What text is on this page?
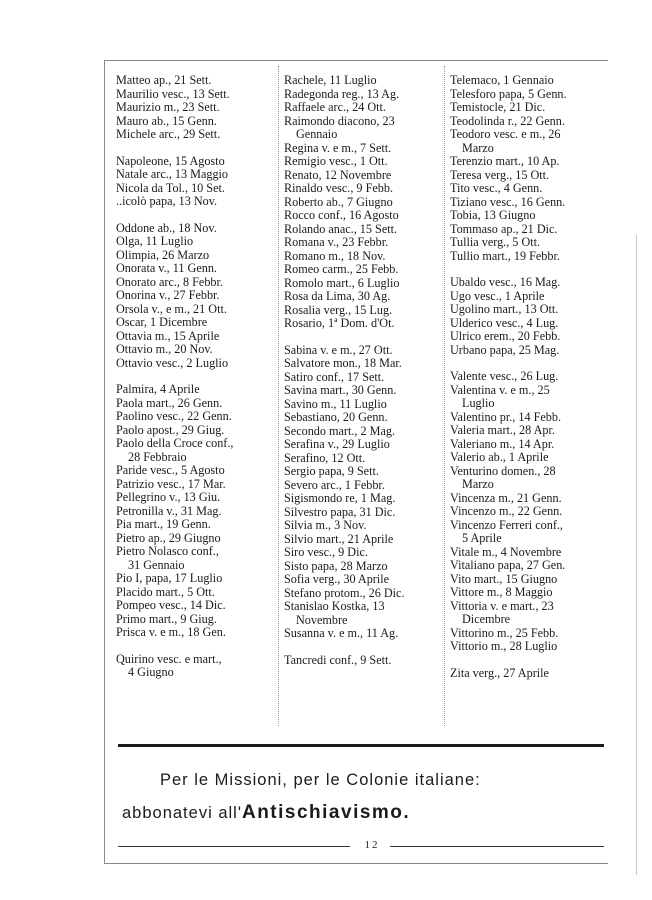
Matteo ap., 21 Sett.
Maurilio vesc., 13 Sett.
Maurizio m., 23 Sett.
Mauro ab., 15 Genn.
Michele arc., 29 Sett.
Napoleone, 15 Agosto
Natale arc., 13 Maggio
Nicola da Tol., 10 Set.
..icolò papa, 13 Nov.
Oddone ab., 18 Nov.
Olga, 11 Luglio
Olimpia, 26 Marzo
Onorata v., 11 Genn.
Onorato arc., 8 Febbr.
Onorina v., 27 Febbr.
Orsola v., e m., 21 Ott.
Oscar, 1 Dicembre
Ottavia m., 15 Aprile
Ottavio m., 20 Nov.
Ottavio vesc., 2 Luglio
Palmira, 4 Aprile
Paola mart., 26 Genn.
Paolino vesc., 22 Genn.
Paolo apost., 29 Giug.
Paolo della Croce conf.,
28 Febbraio
Paride vesc., 5 Agosto
Patrizio vesc., 17 Mar.
Pellegrino v., 13 Giu.
Petronilla v., 31 Mag.
Pia mart., 19 Genn.
Pietro ap., 29 Giugno
Pietro Nolasco conf.,
31 Gennaio
Pio I, papa, 17 Luglio
Placido mart., 5 Ott.
Pompeo vesc., 14 Dic.
Primo mart., 9 Giug.
Prisca v. e m., 18 Gen.
Quirino vesc. e mart.,
4 Giugno
Rachele, 11 Luglio
Radegonda reg., 13 Ag.
Raffaele arc., 24 Ott.
Raimondo diacono, 23
Gennaio
Regina v. e m., 7 Sett.
Remigio vesc., 1 Ott.
Renato, 12 Novembre
Rinaldo vesc., 9 Febb.
Roberto ab., 7 Giugno
Rocco conf., 16 Agosto
Rolando anac., 15 Sett.
Romana v., 23 Febbr.
Romano m., 18 Nov.
Romeo carm., 25 Febb.
Romolo mart., 6 Luglio
Rosa da Lima, 30 Ag.
Rosalia verg., 15 Lug.
Rosario, 1ª Dom. d'Ot.
Sabina v. e m., 27 Ott.
Salvatore mon., 18 Mar.
Satiro conf., 17 Sett.
Savina mart., 30 Genn.
Savino m., 11 Luglio
Sebastiano, 20 Genn.
Secondo mart., 2 Mag.
Serafina v., 29 Luglio
Serafino, 12 Ott.
Sergio papa, 9 Sett.
Severo arc., 1 Febbr.
Sigismondo re, 1 Mag.
Silvestro papa, 31 Dic.
Silvia m., 3 Nov.
Silvio mart., 21 Aprile
Siro vesc., 9 Dic.
Sisto papa, 28 Marzo
Sofia verg., 30 Aprile
Stefano protom., 26 Dic.
Stanislao Kostka, 13
Novembre
Susanna v. e m., 11 Ag.
Tancredi conf., 9 Sett.
Telemaco, 1 Gennaio
Telesforo papa, 5 Genn.
Temistocle, 21 Dic.
Teodolinda r., 22 Genn.
Teodoro vesc. e m., 26
Marzo
Terenzio mart., 10 Ap.
Teresa verg., 15 Ott.
Tito vesc., 4 Genn.
Tiziano vesc., 16 Genn.
Tobia, 13 Giugno
Tommaso ap., 21 Dic.
Tullia verg., 5 Ott.
Tullio mart., 19 Febbr.
Ubaldo vesc., 16 Mag.
Ugo vesc., 1 Aprile
Ugolino mart., 13 Ott.
Ulderico vesc., 4 Lug.
Ulrico erem., 20 Febb.
Urbano papa, 25 Mag.
Valente vesc., 26 Lug.
Valentina v. e m., 25
Luglio
Valentino pr., 14 Febb.
Valeria mart., 28 Apr.
Valeriano m., 14 Apr.
Valerio ab., 1 Aprile
Venturino domen., 28
Marzo
Vincenza m., 21 Genn.
Vincenzo m., 22 Genn.
Vincenzo Ferreri conf.,
5 Aprile
Vitale m., 4 Novembre
Vitaliano papa, 27 Gen.
Vito mart., 15 Giugno
Vittore m., 8 Maggio
Vittoria v. e mart., 23
Dicembre
Vittorino m., 25 Febb.
Vittorio m., 28 Luglio
Zita verg., 27 Aprile
Per le Missioni, per le Colonie italiane:
abbonatevi all'Antischiavismo.
12
